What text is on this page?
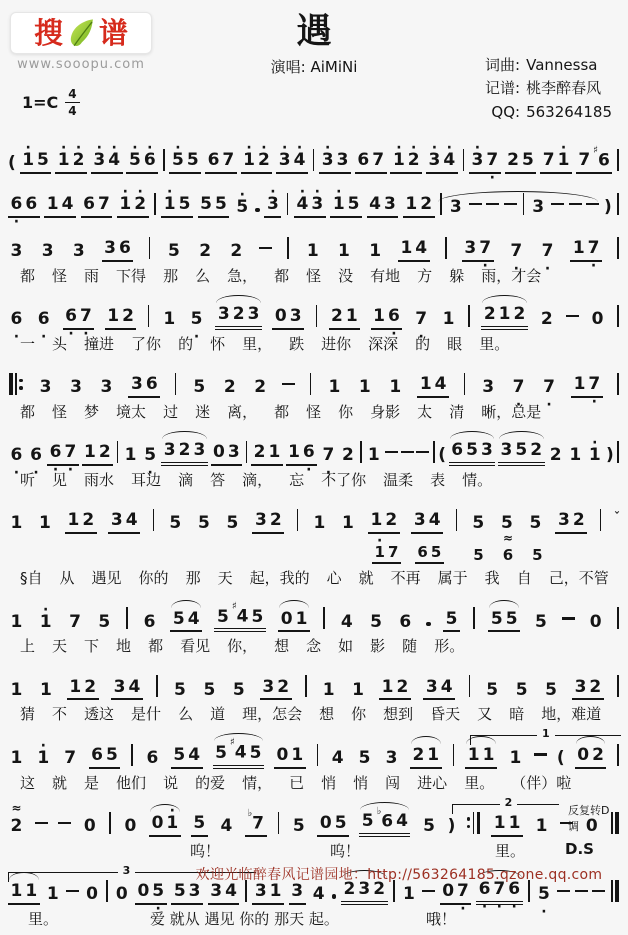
搜 谱
www.sooopu.com
遇
演唱: AiMiNi	词曲: Vannessa
记谱: 桃李醉春风
QQ: 563264185
$1=C \frac{4}{4}$
( · 1 5 · 1 · 2 · 3 · 4 · 5 · 6 · 5 5 6 7 · 1 · 2 · 3 · 4 · 3 3 6 7 · 1 · 2 · 3 · 4 · 3 7 · 2 5 7 · 1 7
♯6
6 · 6 1 4 6 7 · 1 · 2 · 1 5 5 5 · 5 · 3 · 4 · 3 · 1 5 4 3 1 2 3	3	)
3 3 3 3 6 5 2 2	1 1 1 1 4 3 7 · 7 · 7 · 1 7 ·
都 怪 雨 下得 那 么 急， 都 怪 没 有地 方 躲 雨，才会
6 · 6 · 6 · 7 · 1 2 1 5 · 3 2 3 0 3 2 1 1 6 · 7 · 1 2 1 2 2 0
一 头 撞进 了你 的 怀 里， 跌 进你 深深 的 眼 里。
3 3 3 3 6 5 2 2	1 1 1 1 4 3 7 · 7 · 1 7 ·
都 怪 梦 境太 过 迷 离， 都 怪 你 身影 太 清 晰，总是
6 · 6 · 6 · 7 · 1 2 1 5 · 3 2 3 0 3 2 1 1 6 · 7 · 2 1	( 6 5 3 3 5 2 2 1 · 1 )
听 见 雨水 耳边 滴 答 滴， 忘 不了你 温柔 表 情。
1 1 1 2 3 4 5 5 5 3 2 1 1 1 2 3 4 5 5 5 3 2 ˇ
· 1 7 6 5 5 ≈ 6 5
§自 从 遇见 你的 那 天 起，我的 心 就 不再 属于 我 自 己，不管
1 · 1 7 5 6 5 4 5
♯4 5 0 1 4 5 6 5 5 5 5	0
上 天 下 地 都 看见 你， 想 念 如 影 随 形。
1 1 1 2 3 4 5 5 5 3 2 1 1 1 2 3 4 5 5 5 3 2
猜 不 透这 是什 么 道 理，怎会 想 你 想到 昏天 又 暗 地，难道
1
1 · 1 7 6 5 6 5 4 5
♯4 5 0 1 4 5 3 2 1 1 1 1 ( 0 2
这 就 是 他们 说 的爱 情， 已 悄 悄 闯 进心 里。 （伴）啦
2
反复转D调
≈ 2	0 0 0 · 1 5 4
♭7 5 0 5 5
♭6 4 5 ) 1 1 1 0
呜！	呜！	里。	D.S
3
1 1 1 0 0 0 5 · 5 3 3 4 3 1 3 4 2 3 2 1 0 7 · 6 · 7 · 6 · 5 ·
里。	爱 就从 遇见 你的 那天 起。	哦！
欢迎光临醉春风记谱园地：http://563264185.qzone.qq.com
